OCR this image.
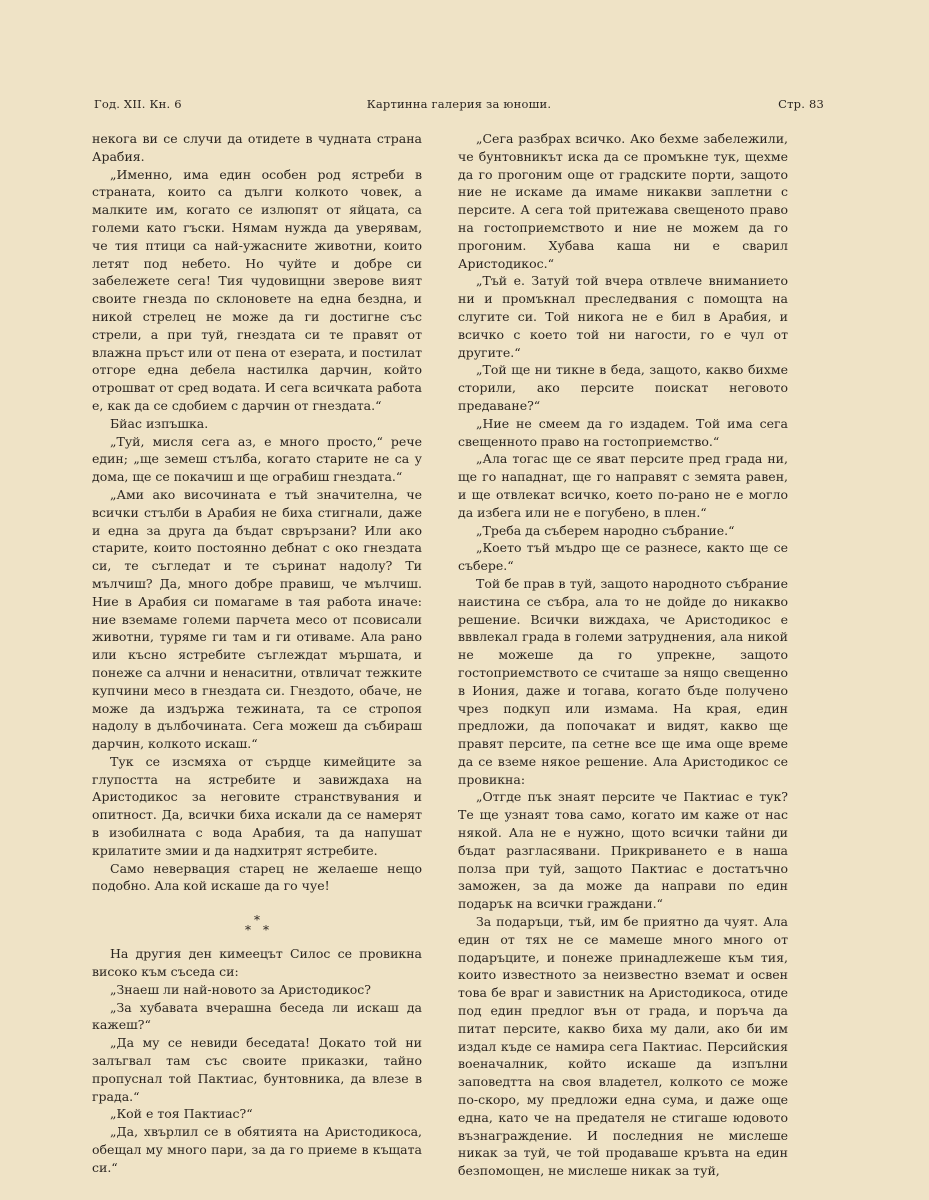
Год. XII. Кн. 6	Картинна галерия за юноши.	Стр. 83

некога ви се случи да отидете в чудната страна Арабия.

„Именно, има един особен род ястреби в страната, които са дълги колкото човек, а малките им, когато се излюпят от яйцата, са големи като гъски. Нямам нужда да уверявам, че тия птици са най-ужасните животни, които летят под небето. Но чуйте и добре си забележете сега! Тия чудовищни зверове вият своите гнезда по склоновете на една бездна, и никой стрелец не може да ги достигне със стрели, а при туй, гнездата си те правят от влажна пръст или от пена от езерата, и постилат отгоре една дебела настилка дарчин, който отрошват от сред водата. И сега всичката работа е, как да се сдобием с дарчин от гнездата.“

Бйас изпъшка.

„Туй, мисля сега аз, е много просто,“ рече един; „ще земеш стълба, когато старите не са у дома, ще се покачиш и ще ограбиш гнездата.“

„Ами ако височината е тъй значителна, че всички стълби в Арабия не биха стигнали, даже и една за друга да бъдат сврързани? Или ако старите, които постоянно дебнат с око гнездата си, те съгледат и те съринат надолу? Ти мълчиш? Да, много добре правиш, че мълчиш. Ние в Арабия си помагаме в тая работа иначе: ние вземаме големи парчета месо от псовисали животни, туряме ги там и ги отиваме. Ала рано или късно ястребите съглеждат мършата, и понеже са алчни и ненаситни, отвличат тежките купчини месо в гнездата си. Гнездото, обаче, не може да издържа тежината, та се стропоя надолу в дълбочината. Сега можеш да събираш дарчин, колкото искаш.“

Тук се изсмяха от сърдце кимейците за глупостта на ястребите и завиждаха на Аристодикос за неговите странствувания и опитност. Да, всички биха искали да се намерят в изобилната с вода Арабия, та да напушат крилатите змии и да надхитрят ястребите.

Само невервация старец не желаеше нещо подобно. Ала кой искаше да го чуе!

*
* *

На другия ден кимеецът Силос се провикна високо към съседа си:

„Знаеш ли най-новото за Аристодикос?

„За хубавата вчерашна беседа ли искаш да кажеш?“

„Да му се невиди беседата! Докато той ни залъгвал там със своите приказки, тайно пропуснал той Пактиас, бунтовника, да влезе в града.“

„Кой е тоя Пактиас?“

„Да, хвърлил се в обятията на Аристодикоса, обещал му много пари, за да го приеме в къщата си.“

„Сега разбрах всичко. Ако бехме забележили, че бунтовникът иска да се промъкне тук, щехме да го прогоним още от градските порти, защото ние не искаме да имаме никакви заплетни с персите. А сега той притежава свещеното право на гостоприемството и ние не можем да го прогоним. Хубава каша ни е сварил Аристодикос.“

„Тъй е. Затуй той вчера отвлече вниманието ни и промъкнал преследвания с помощта на слугите си. Той никога не е бил в Арабия, и всичко с което той ни нагости, го е чул от другите.“

„Той ще ни тикне в беда, защото, какво бихме сторили, ако персите поискат неговото предаване?“

„Ние не смеем да го издадем. Той има сега свещенното право на гостоприемство.“

„Ала тогас ще се яват персите пред града ни, ще го нападнат, ще го направят с земята равен, и ще отвлекат всичко, което по-рано не е могло да избега или не е погубено, в плен.“

„Треба да съберем народно събрание.“

„Което тъй мъдро ще се разнесе, както ще се събере.“

Той бе прав в туй, защото народното събрание наистина се събра, ала то не дойде до никакво решение. Всички виждаха, че Аристодикос е вввлекал града в големи затруднения, ала никой не можеше да го упрекне, защото гостоприемството се считаше за нящо свещенно в Иония, даже и тогава, когато бъде получено чрез подкуп или измама. На края, един предложи, да попочакат и видят, какво ще правят персите, па сетне все ще има още време да се вземе някое решение. Ала Аристодикос се провикна:

„Отгде пък знаят персите че Пактиас е тук? Те ще узнаят това само, когато им каже от нас някой. Ала не е нужно, щото всички тайни ди бъдат разгласявани. Прикриването е в наша полза при туй, защото Пактиас е достатъчно заможен, за да може да направи по един подарък на всички граждани.“

За подаръци, тъй, им бе приятно да чуят. Ала един от тях не се мамеше много много от подаръците, и понеже принадлежеше към тия, които известното за неизвестно вземат и освен това бе враг и завистник на Аристодикоса, отиде под един предлог вън от града, и поръча да питат персите, какво биха му дали, ако би им издал къде се намира сега Пактиас. Персийския военачалник, който искаше да изпълни заповедтта на своя владетел, колкото се може по-скоро, му предложи една сума, и даже още една, като че на предателя не стигаше юдовото възнаграждение. И последния не мислеше никак за туй, че той продаваше кръвта на един безпомощен, не мислеше никак за туй,
